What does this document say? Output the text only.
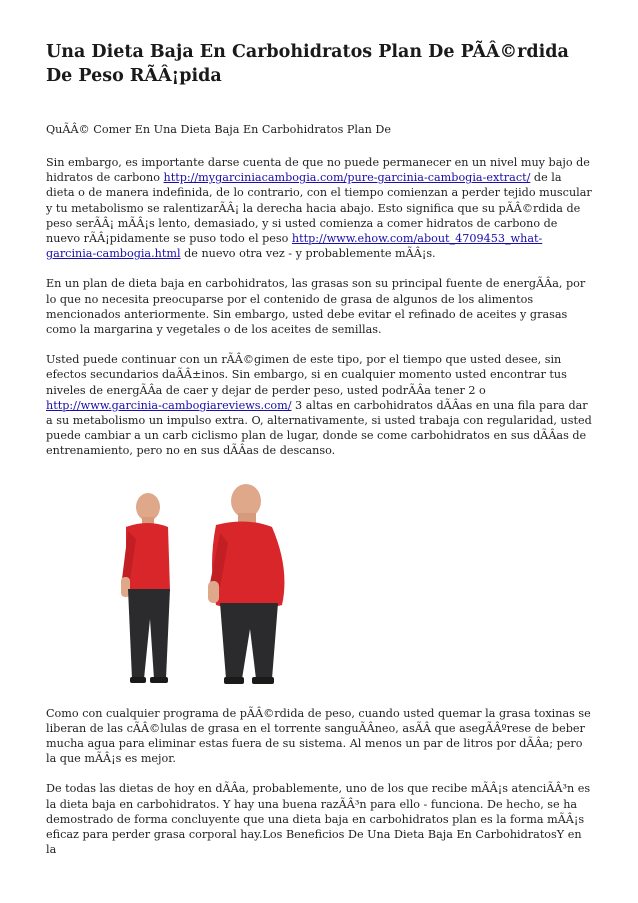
Una Dieta Baja En Carbohidratos Plan De PÃÂ©rdida De Peso RÃÂ¡pida
QuÃÂ© Comer En Una Dieta Baja En Carbohidratos Plan De

Sin embargo, es importante darse cuenta de que no puede permanecer en un nivel muy bajo de hidratos de carbono http://mygarciniacambogia.com/pure-garcinia-cambogia-extract/ de la dieta o de manera indefinida, de lo contrario, con el tiempo comienzan a perder tejido muscular y tu metabolismo se ralentizarÃÂ¡ la derecha hacia abajo. Esto significa que su pÃÂ©rdida de peso serÃÂ¡ mÃÂ¡s lento, demasiado, y si usted comienza a comer hidratos de carbono de nuevo rÃÂ¡pidamente se puso todo el peso http://www.ehow.com/about_4709453_what-garcinia-cambogia.html de nuevo otra vez - y probablemente mÃÂ¡s.

En un plan de dieta baja en carbohidratos, las grasas son su principal fuente de energÃÂa, por lo que no necesita preocuparse por el contenido de grasa de algunos de los alimentos mencionados anteriormente. Sin embargo, usted debe evitar el refinado de aceites y grasas como la margarina y vegetales o de los aceites de semillas.

Usted puede continuar con un rÃÂ©gimen de este tipo, por el tiempo que usted desee, sin efectos secundarios daÃÂ±inos. Sin embargo, si en cualquier momento usted encontrar tus niveles de energÃÂa de caer y dejar de perder peso, usted podrÃÂa tener 2 o http://www.garcinia-cambogiareviews.com/ 3 altas en carbohidratos dÃÂas en una fila para dar a su metabolismo un impulso extra. O, alternativamente, si usted trabaja con regularidad, usted puede cambiar a un carb ciclismo plan de lugar, donde se come carbohidratos en sus dÃÂas de entrenamiento, pero no en sus dÃÂas de descanso.

Como con cualquier programa de pÃÂ©rdida de peso, cuando usted quemar la grasa toxinas se liberan de las cÃÂ©lulas de grasa en el torrente sanguÃÂneo, asÃÂ que asegÃÂºrese de beber mucha agua para eliminar estas fuera de su sistema. Al menos un par de litros por dÃÂa; pero la que mÃÂ¡s es mejor.

De todas las dietas de hoy en dÃÂa, probablemente, uno de los que recibe mÃÂ¡s atenciÃÂ³n es la dieta baja en carbohidratos. Y hay una buena razÃÂ³n para ello - funciona. De hecho, se ha demostrado de forma concluyente que una dieta baja en carbohidratos plan es la forma mÃÂ¡s eficaz para perder grasa corporal hay.Los Beneficios De Una Dieta Baja En CarbohidratosY en la
